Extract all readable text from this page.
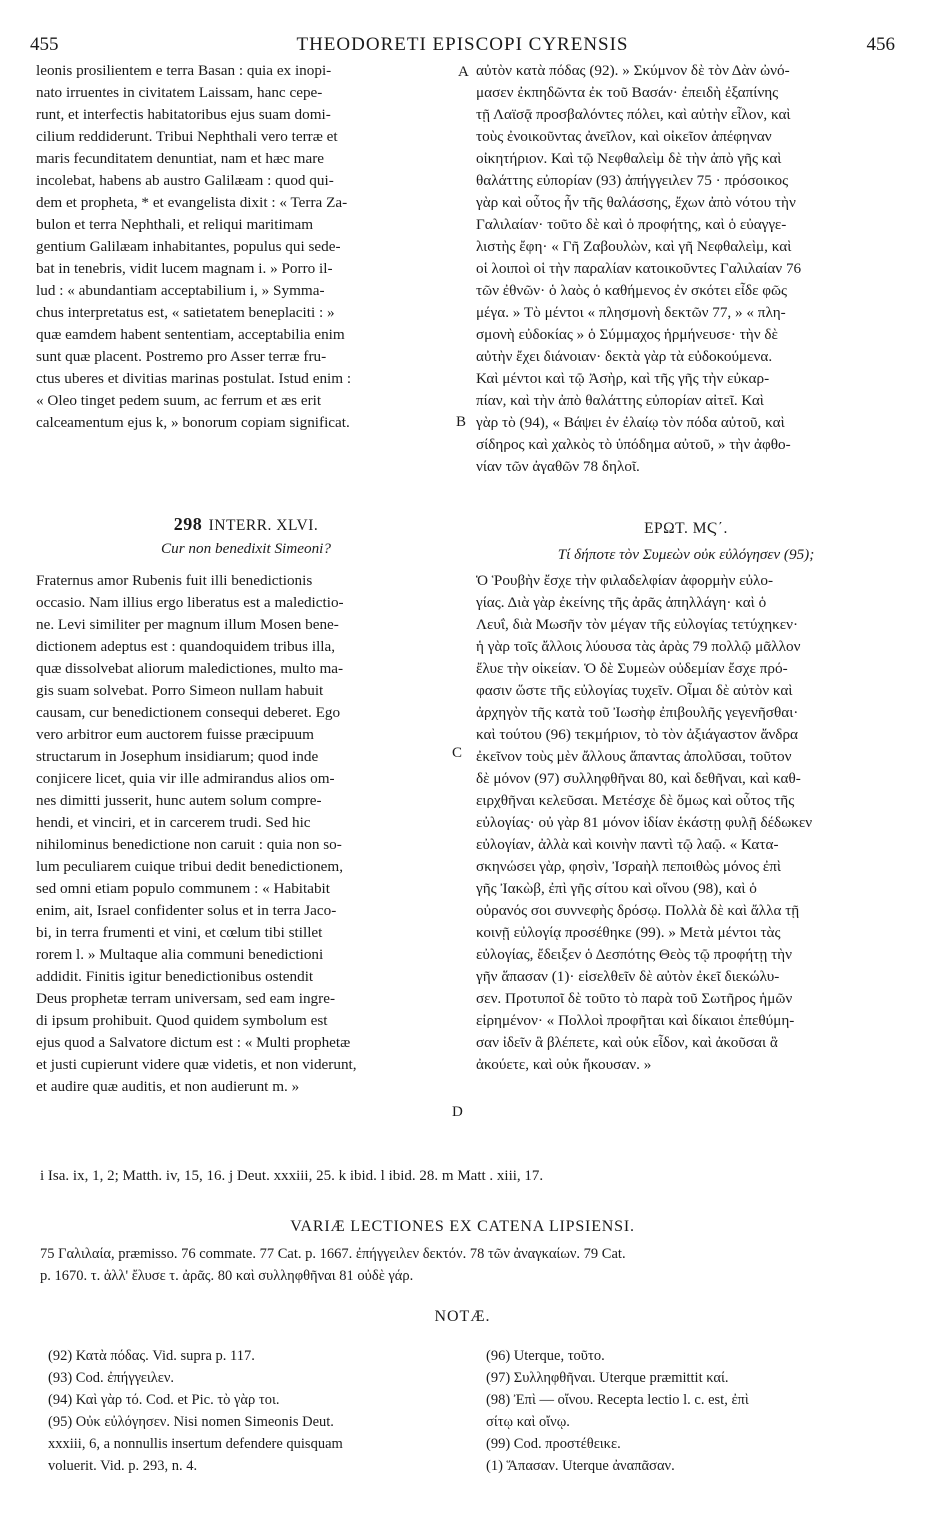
455	THEODORETI EPISCOPI CYRENSIS	456
leonis prosilientem e terra Basan : quia ex inopi-
nato irruentes in civitatem Laissam, hanc cepe-
runt, et interfectis habitatoribus ejus suam domi-
cilium reddiderunt. Tribui Nephthali vero terræ et
maris fecunditatem denuntiat, nam et hæc mare
incolebat, habens ab austro Galilæam : quod qui-
dem et propheta, * et evangelista dixit : « Terra Za-
bulon et terra Nephthali, et reliqui maritimam
gentium Galilæam inhabitantes, populus qui sede-
bat in tenebris, vidit lucem magnam i. » Porro il-
lud : « abundantiam acceptabilium i, » Symma-
chus interpretatus est, « satietatem beneplaciti : »
quæ eamdem habent sententiam, acceptabilia enim
sunt quæ placent. Postremo pro Asser terræ fru-
ctus uberes et divitias marinas postulat. Istud enim :
« Oleo tinget pedem suum, ac ferrum et æs erit
calceamentum ejus k, » bonorum copiam significat.
αὐτὸν κατὰ πόδας (92). » Σκύμνον δὲ τὸν Δὰν ὠνό-
μασεν ἐκπηδῶντα ἐκ τοῦ Βασάν· ἐπειδὴ ἐξαπίνης
τῇ Λαϊσᾷ προσβαλόντες πόλει, καὶ αὐτὴν εἷλον, καὶ
τοὺς ἐνοικοῦντας ἀνεῖλον, καὶ οἰκεῖον ἀπέφηναν
οἰκητήριον. Καὶ τῷ Νεφθαλεὶμ δὲ τὴν ἀπὸ γῆς καὶ
θαλάττης εὐπορίαν (93) ἀπήγγειλεν 75 · πρόσοικος
γὰρ καὶ οὗτος ἦν τῆς θαλάσσης, ἔχων ἀπὸ νότου τὴν
Γαλιλαίαν· τοῦτο δὲ καὶ ὁ προφήτης, καὶ ὁ εὐαγγε-
λιστὴς ἔφη· « Γῆ Ζαβουλὼν, καὶ γῆ Νεφθαλεὶμ, καὶ
οἱ λοιποὶ οἱ τὴν παραλίαν κατοικοῦντες Γαλιλαίαν 76
τῶν ἐθνῶν· ὁ λαὸς ὁ καθήμενος ἐν σκότει εἶδε φῶς
μέγα. » Τὸ μέντοι « πλησμονὴ δεκτῶν 77, » « πλη-
σμονὴ εὐδοκίας » ὁ Σύμμαχος ἡρμήνευσε· τὴν δὲ
αὐτὴν ἔχει διάνοιαν· δεκτὰ γὰρ τὰ εὐδοκούμενα.
Καὶ μέντοι καὶ τῷ Ἀσὴρ, καὶ τῆς γῆς τὴν εὐκαρ-
πίαν, καὶ τὴν ἀπὸ θαλάττης εὐπορίαν αἰτεῖ. Καὶ
γὰρ τὸ (94), « Βάψει ἐν ἐλαίῳ τὸν πόδα αὐτοῦ, καὶ
σίδηρος καὶ χαλκὸς τὸ ὑπόδημα αὐτοῦ, » τὴν ἀφθο-
νίαν τῶν ἀγαθῶν 78 δηλοῖ.
A
B
C
D
298 INTERR. XLVI.
Cur non benedixit Simeoni?
ΕΡΩΤ. ΜϚ΄.
Τί δήποτε τὸν Συμεὼν οὐκ εὐλόγησεν (95);
Fraternus amor Rubenis fuit illi benedictionis
occasio. Nam illius ergo liberatus est a maledictio-
ne. Levi similiter per magnum illum Mosen bene-
dictionem adeptus est : quandoquidem tribus illa,
quæ dissolvebat aliorum maledictiones, multo ma-
gis suam solvebat. Porro Simeon nullam habuit
causam, cur benedictionem consequi deberet. Ego
vero arbitror eum auctorem fuisse præcipuum
structarum in Josephum insidiarum; quod inde
conjicere licet, quia vir ille admirandus alios om-
nes dimitti jusserit, hunc autem solum compre-
hendi, et vinciri, et in carcerem trudi. Sed hic
nihilominus benedictione non caruit : quia non so-
lum peculiarem cuique tribui dedit benedictionem,
sed omni etiam populo communem : « Habitabit
enim, ait, Israel confidenter solus et in terra Jaco-
bi, in terra frumenti et vini, et cœlum tibi stillet
rorem l. » Multaque alia communi benedictioni
addidit. Finitis igitur benedictionibus ostendit
Deus prophetæ terram universam, sed eam ingre-
di ipsum prohibuit. Quod quidem symbolum est
ejus quod a Salvatore dictum est : « Multi prophetæ
et justi cupierunt videre quæ videtis, et non viderunt,
et audire quæ auditis, et non audierunt m. »
Ὁ Ῥουβὴν ἔσχε τὴν φιλαδελφίαν ἀφορμὴν εὐλο-
γίας. Διὰ γὰρ ἐκείνης τῆς ἀρᾶς ἀπηλλάγη· καὶ ὁ
Λευΐ, διὰ Μωσῆν τὸν μέγαν τῆς εὐλογίας τετύχηκεν·
ἡ γὰρ τοῖς ἄλλοις λύουσα τὰς ἀρὰς 79 πολλῷ μᾶλλον
ἔλυε τὴν οἰκείαν. Ὁ δὲ Συμεὼν οὐδεμίαν ἔσχε πρό-
φασιν ὥστε τῆς εὐλογίας τυχεῖν. Οἶμαι δὲ αὐτὸν καὶ
ἀρχηγὸν τῆς κατὰ τοῦ Ἰωσὴφ ἐπιβουλῆς γεγενῆσθαι·
καὶ τούτου (96) τεκμήριον, τὸ τὸν ἀξιάγαστον ἄνδρα
ἐκεῖνον τοὺς μὲν ἄλλους ἅπαντας ἀπολῦσαι, τοῦτον
δὲ μόνον (97) συλληφθῆναι 80, καὶ δεθῆναι, καὶ καθ-
ειρχθῆναι κελεῦσαι. Μετέσχε δὲ ὅμως καὶ οὗτος τῆς
εὐλογίας· οὐ γὰρ 81 μόνον ἰδίαν ἑκάστῃ φυλῇ δέδωκεν
εὐλογίαν, ἀλλὰ καὶ κοινὴν παντὶ τῷ λαῷ. « Κατα-
σκηνώσει γὰρ, φησὶν, Ἰσραὴλ πεποιθὼς μόνος ἐπὶ
γῆς Ἰακὼβ, ἐπὶ γῆς σίτου καὶ οἴνου (98), καὶ ὁ
οὐρανός σοι συννεφὴς δρόσῳ. Πολλὰ δὲ καὶ ἄλλα τῇ
κοινῇ εὐλογίᾳ προσέθηκε (99). » Μετὰ μέντοι τὰς
εὐλογίας, ἔδειξεν ὁ Δεσπότης Θεὸς τῷ προφήτῃ τὴν
γῆν ἅπασαν (1)· εἰσελθεῖν δὲ αὐτὸν ἐκεῖ διεκώλυ-
σεν. Προτυποῖ δὲ τοῦτο τὸ παρὰ τοῦ Σωτῆρος ἡμῶν
εἰρημένον· « Πολλοὶ προφῆται καὶ δίκαιοι ἐπεθύμη-
σαν ἰδεῖν ἃ βλέπετε, καὶ οὐκ εἶδον, καὶ ἀκοῦσαι ἃ
ἀκούετε, καὶ οὐκ ἤκουσαν. »
i Isa. ix, 1, 2; Matth. iv, 15, 16. j Deut. xxxiii, 25. k ibid. l ibid. 28. m Matt . xiii, 17.
VARIÆ LECTIONES EX CATENA LIPSIENSI.
75 Γαλιλαία, præmisso. 76 commate. 77 Cat. p. 1667. ἐπήγγειλεν δεκτόν. 78 τῶν ἀναγκαίων. 79 Cat.
p. 1670. τ. ἀλλ' ἔλυσε τ. ἀρᾶς. 80 καὶ συλληφθῆναι 81 οὐδὲ γάρ.
NOTÆ.
(92) Κατὰ πόδας. Vid. supra p. 117.
(93) Cod. ἐπήγγειλεν.
(94) Καὶ γὰρ τό. Cod. et Pic. τὸ γὰρ τοι.
(95) Οὐκ εὐλόγησεν. Nisi nomen Simeonis Deut.
xxxiii, 6, a nonnullis insertum defendere quisquam
voluerit. Vid. p. 293, n. 4.
(96) Uterque, τοῦτο.
(97) Συλληφθῆναι. Uterque præmittit καί.
(98) Ἐπὶ — οἴνου. Recepta lectio l. c. est, ἐπὶ
σίτῳ καὶ οἴνῳ.
(99) Cod. προστέθεικε.
(1) Ἅπασαν. Uterque ἀναπᾶσαν.
